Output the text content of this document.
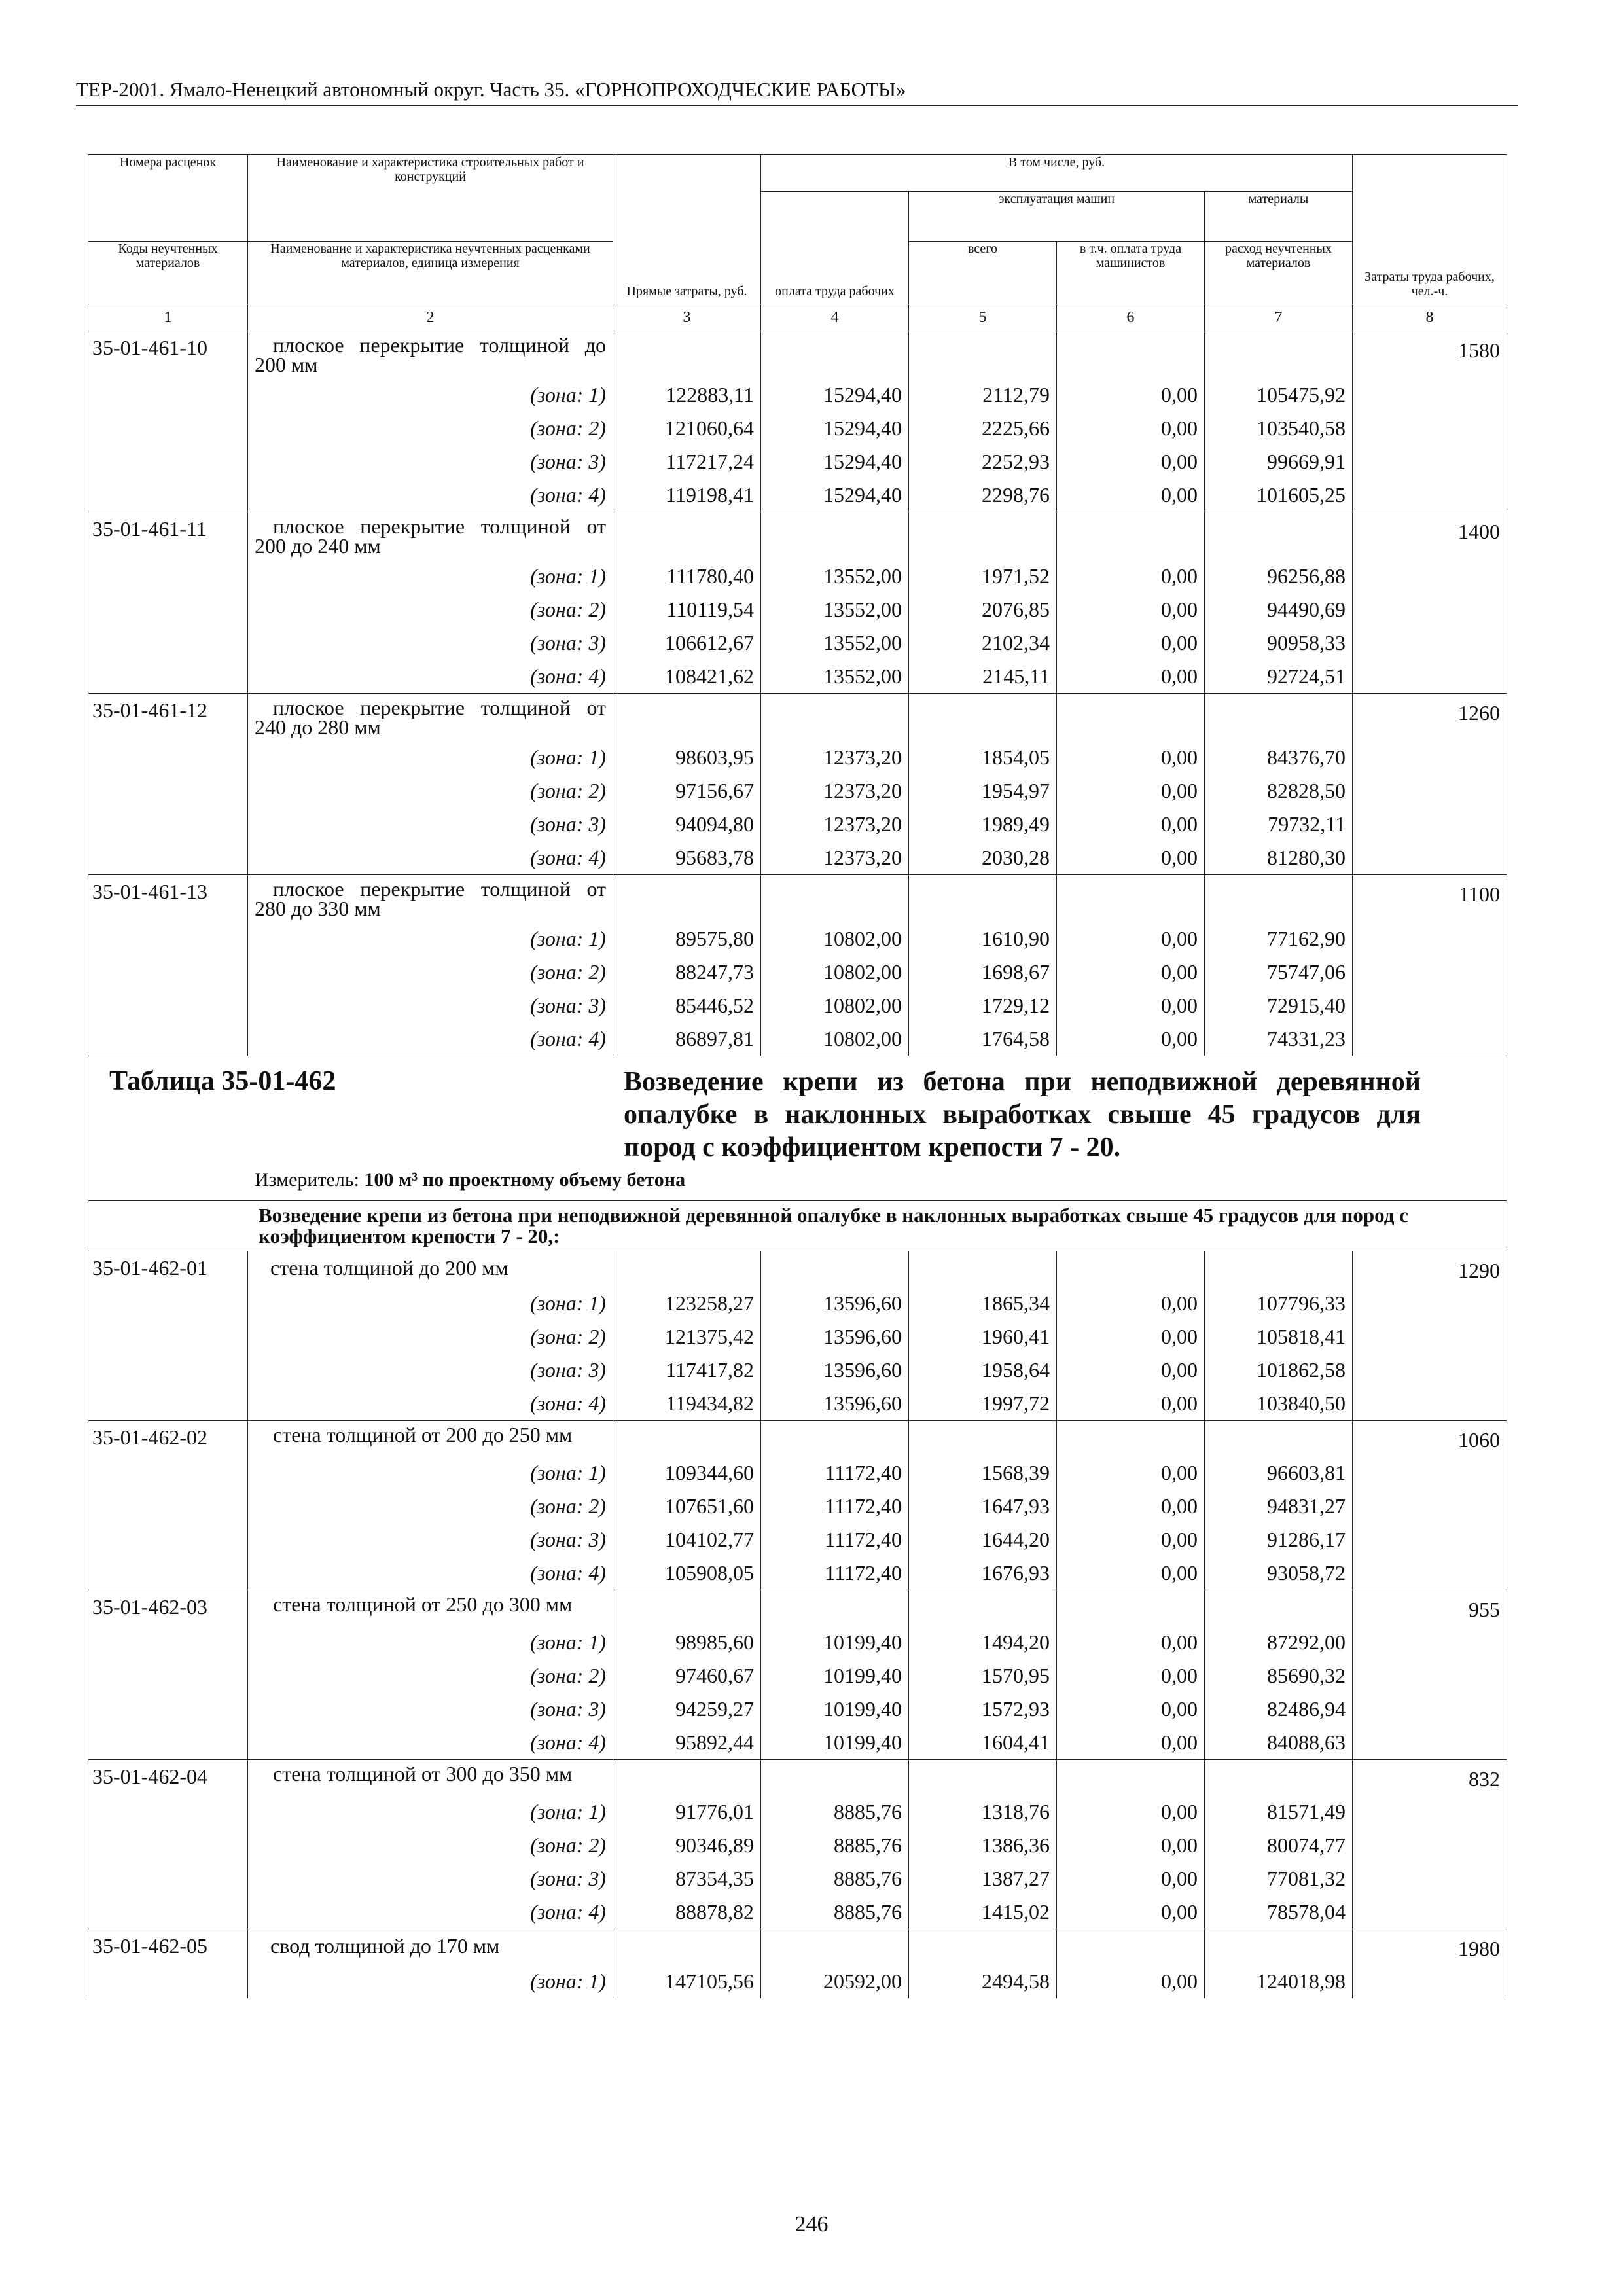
ТЕР-2001. Ямало-Ненецкий автономный округ. Часть 35. «ГОРНОПРОХОДЧЕСКИЕ РАБОТЫ»
Номера расценок	Наименование и характеристика строительных работ и конструкций	Прямые затраты, руб.	В том числе, руб.				Затраты труда рабочих, чел.-ч.
			оплата труда рабочих	эксплуатация машин		материалы	
Коды неучтенных материалов	Наименование и характеристика неучтенных расценками материалов, единица измерения			всего	в т.ч. оплата труда машинистов	расход неучтенных материалов	
1	2	3	4	5	6	7	8
35-01-461-10	плоское перекрытие толщиной до 200 мм						1580
	(зона: 1)	122883,11	15294,40	2112,79	0,00	105475,92	
	(зона: 2)	121060,64	15294,40	2225,66	0,00	103540,58	
	(зона: 3)	117217,24	15294,40	2252,93	0,00	99669,91	
	(зона: 4)	119198,41	15294,40	2298,76	0,00	101605,25	
35-01-461-11	плоское перекрытие толщиной от 200 до 240 мм						1400
	(зона: 1)	111780,40	13552,00	1971,52	0,00	96256,88	
	(зона: 2)	110119,54	13552,00	2076,85	0,00	94490,69	
	(зона: 3)	106612,67	13552,00	2102,34	0,00	90958,33	
	(зона: 4)	108421,62	13552,00	2145,11	0,00	92724,51	
35-01-461-12	плоское перекрытие толщиной от 240 до 280 мм						1260
	(зона: 1)	98603,95	12373,20	1854,05	0,00	84376,70	
	(зона: 2)	97156,67	12373,20	1954,97	0,00	82828,50	
	(зона: 3)	94094,80	12373,20	1989,49	0,00	79732,11	
	(зона: 4)	95683,78	12373,20	2030,28	0,00	81280,30	
35-01-461-13	плоское перекрытие толщиной от 280 до 330 мм						1100
	(зона: 1)	89575,80	10802,00	1610,90	0,00	77162,90	
	(зона: 2)	88247,73	10802,00	1698,67	0,00	75747,06	
	(зона: 3)	85446,52	10802,00	1729,12	0,00	72915,40	
	(зона: 4)	86897,81	10802,00	1764,58	0,00	74331,23	

Таблица 35-01-462 Возведение крепи из бетона при неподвижной деревянной опалубке в наклонных выработках свыше 45 градусов для пород с коэффициентом крепости 7 - 20.
Измеритель: 100 м³ по проектному объему бетона							

Возведение крепи из бетона при неподвижной деревянной опалубке в наклонных выработках свыше 45 градусов для пород с коэффициентом крепости 7 - 20,:							
35-01-462-01	стена толщиной до 200 мм						1290
	(зона: 1)	123258,27	13596,60	1865,34	0,00	107796,33	
	(зона: 2)	121375,42	13596,60	1960,41	0,00	105818,41	
	(зона: 3)	117417,82	13596,60	1958,64	0,00	101862,58	
	(зона: 4)	119434,82	13596,60	1997,72	0,00	103840,50	
35-01-462-02	стена толщиной от 200 до 250 мм						1060
	(зона: 1)	109344,60	11172,40	1568,39	0,00	96603,81	
	(зона: 2)	107651,60	11172,40	1647,93	0,00	94831,27	
	(зона: 3)	104102,77	11172,40	1644,20	0,00	91286,17	
	(зона: 4)	105908,05	11172,40	1676,93	0,00	93058,72	
35-01-462-03	стена толщиной от 250 до 300 мм						955
	(зона: 1)	98985,60	10199,40	1494,20	0,00	87292,00	
	(зона: 2)	97460,67	10199,40	1570,95	0,00	85690,32	
	(зона: 3)	94259,27	10199,40	1572,93	0,00	82486,94	
	(зона: 4)	95892,44	10199,40	1604,41	0,00	84088,63	
35-01-462-04	стена толщиной от 300 до 350 мм						832
	(зона: 1)	91776,01	8885,76	1318,76	0,00	81571,49	
	(зона: 2)	90346,89	8885,76	1386,36	0,00	80074,77	
	(зона: 3)	87354,35	8885,76	1387,27	0,00	77081,32	
	(зона: 4)	88878,82	8885,76	1415,02	0,00	78578,04	
35-01-462-05	свод толщиной до 170 мм						1980
	(зона: 1)	147105,56	20592,00	2494,58	0,00	124018,98	
246
